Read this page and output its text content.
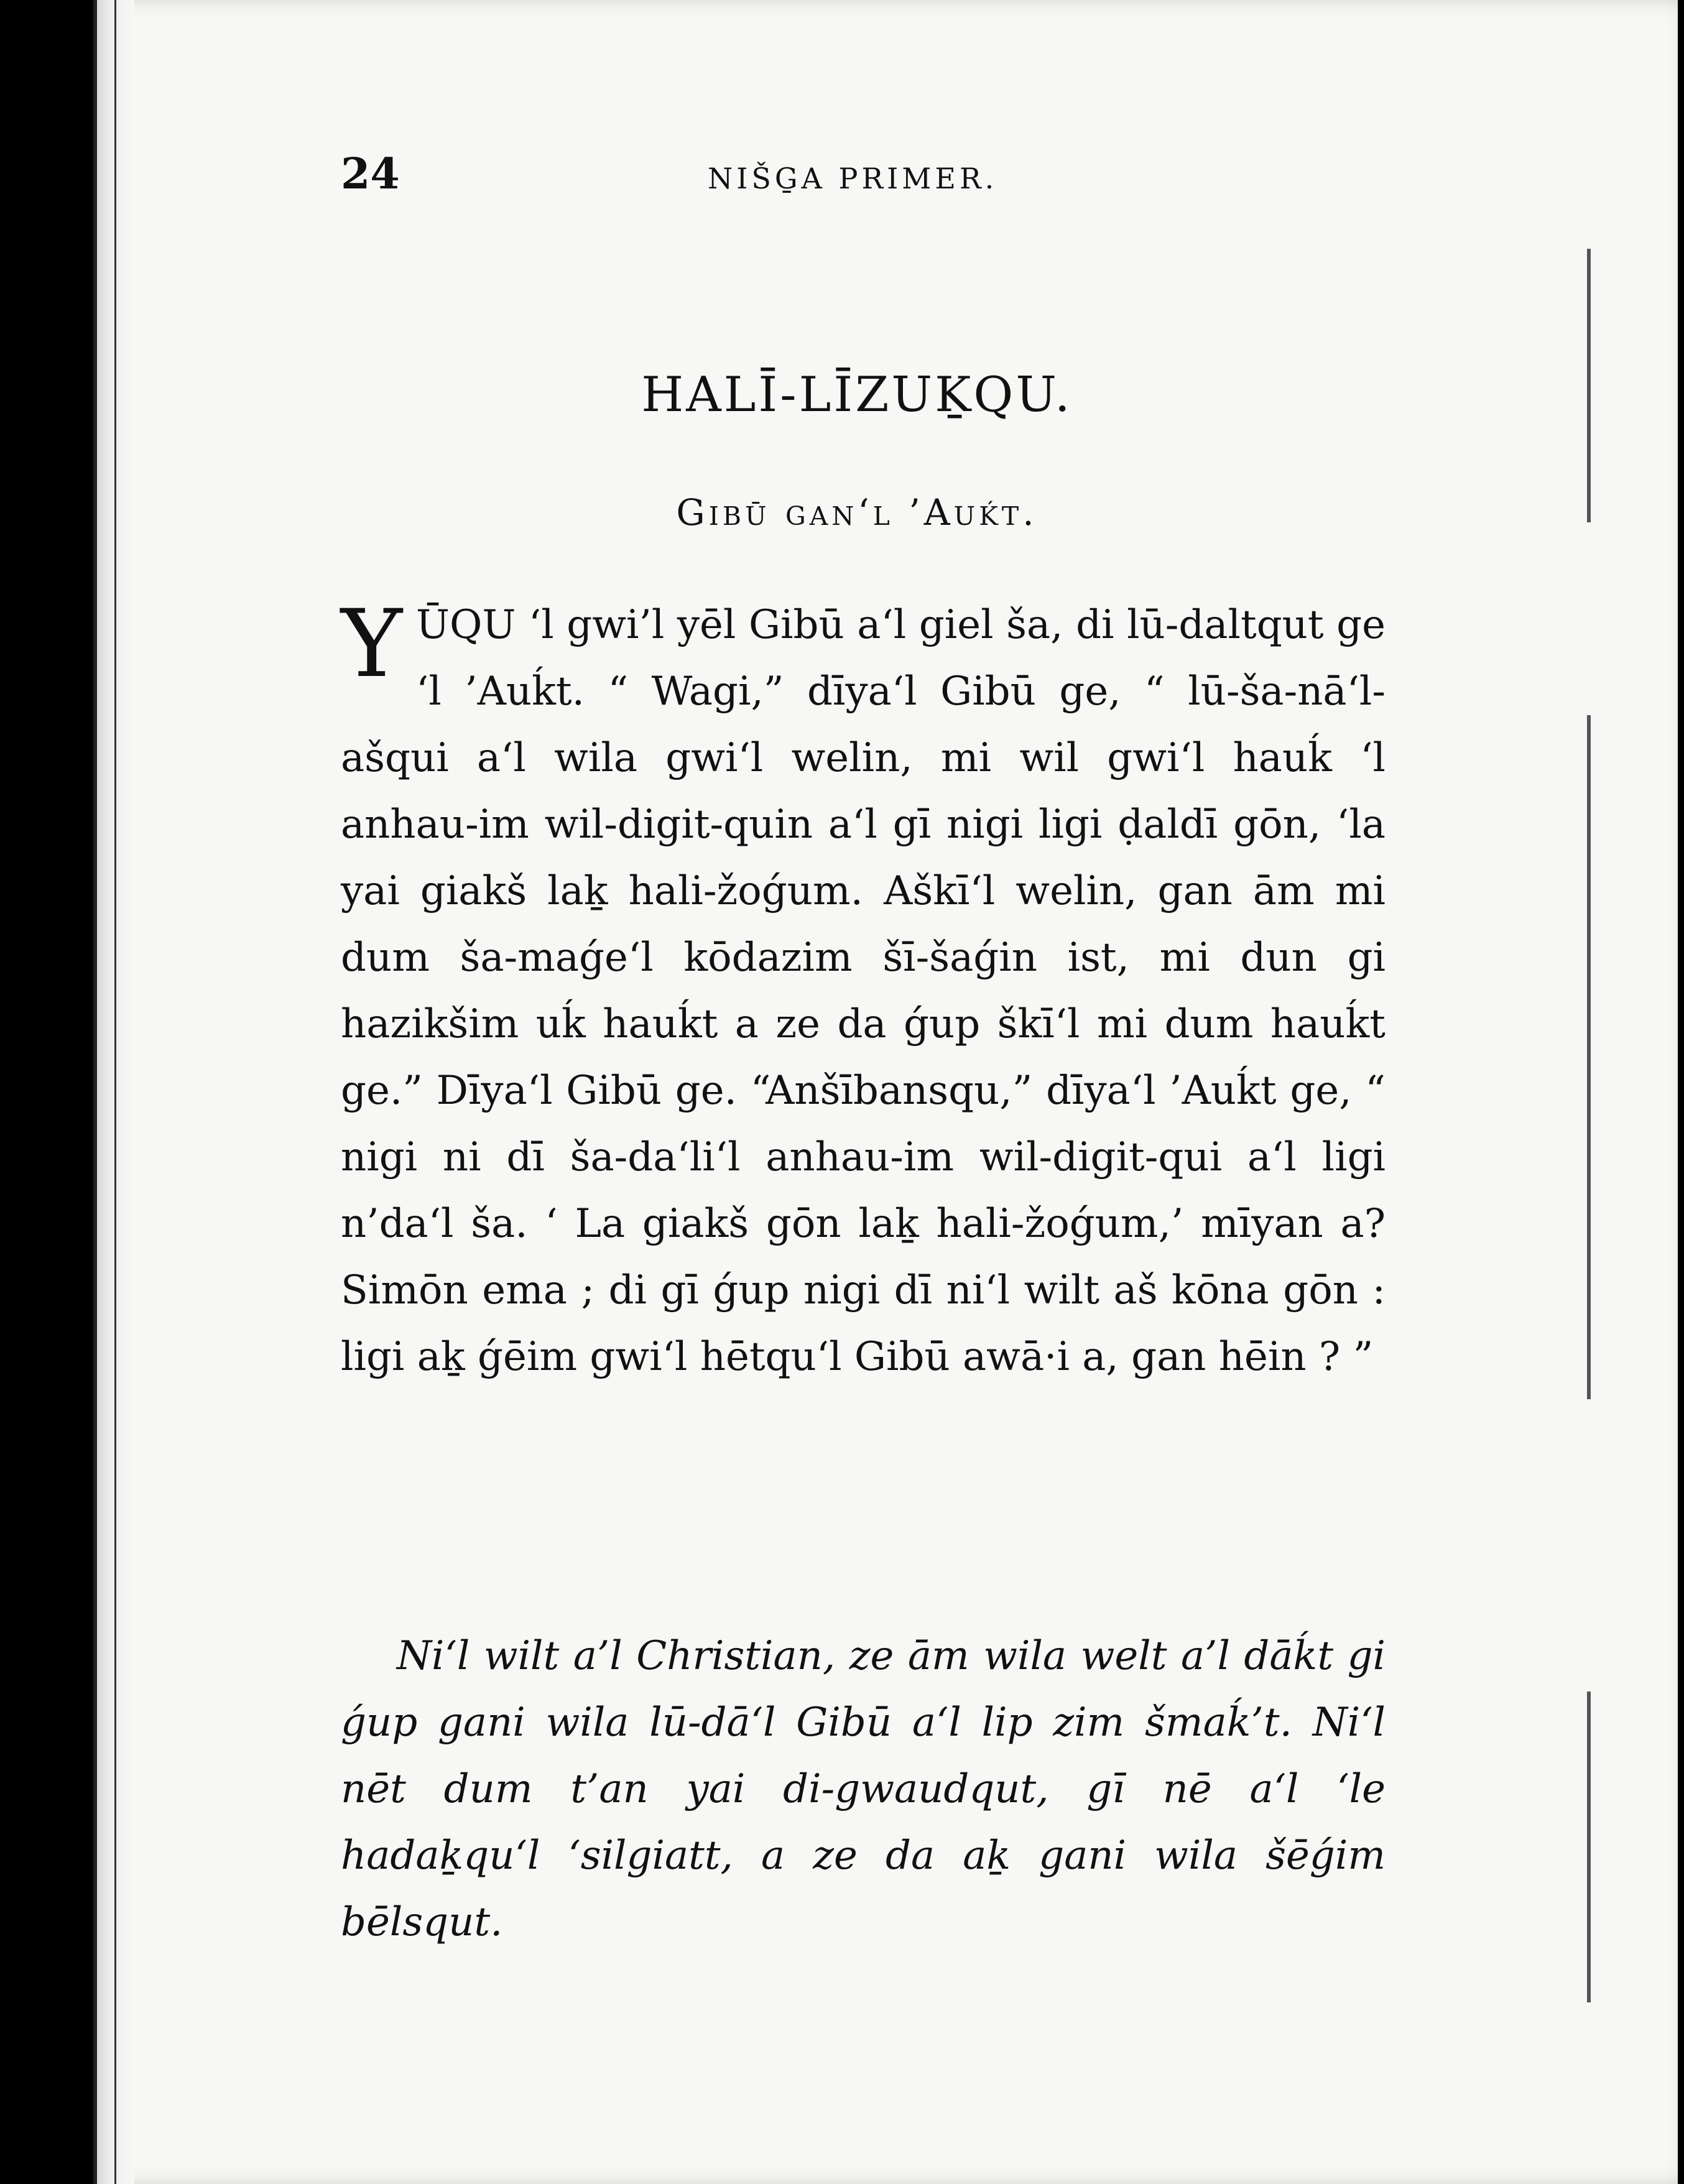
24	NIŠG̱A PRIMER.
HALĪ-LĪZUḴQU.
Gibū gan‘l ’Auḱt.
Y ŪQU ‘l gwi’l yēl Gibū a‘l giel ša, di lū-daltqut ge ‘l ’Auḱt. “ Wagi,” dīya‘l Gibū ge, “ lū-ša-nā‘l-ašqui a‘l wila gwi‘l welin, mi wil gwi‘l hauḱ ‘l anhau-im wil-digit-quin a‘l gī nigi ligi ḍaldī gōn, ‘la yai giakš laḵ hali-žoǵum. Aškī‘l welin, gan ām mi dum ša-maǵe‘l kōdazim šī-šaǵin ist, mi dun gi hazikšim uḱ hauḱt a ze da ǵup škī‘l mi dum hauḱt ge.” Dīya‘l Gibū ge. “Anšībansqu,” dīya‘l ’Auḱt ge, “ nigi ni dī ša-da‘li‘l anhau-im wil-digit-qui a‘l ligi n’da‘l ša. ‘ La giakš gōn laḵ hali-žoǵum,’ mīyan a? Simōn ema ; di gī ǵup nigi dī ni‘l wilt aš kōna gōn : ligi aḵ ǵēim gwi‘l hētqu‘l Gibū awā·i a, gan hēin ? ”
Ni‘l wilt a’l Christian, ze ām wila welt a’l dāḱt gi ǵup gani wila lū-dā‘l Gibū a‘l lip zim šmaḱ’t. Ni‘l nēt dum t’an yai di-gwaudqut, gī nē a‘l ‘le hadaḵqu‘l ‘silgiatt, a ze da aḵ gani wila šēǵim bēlsqut.
